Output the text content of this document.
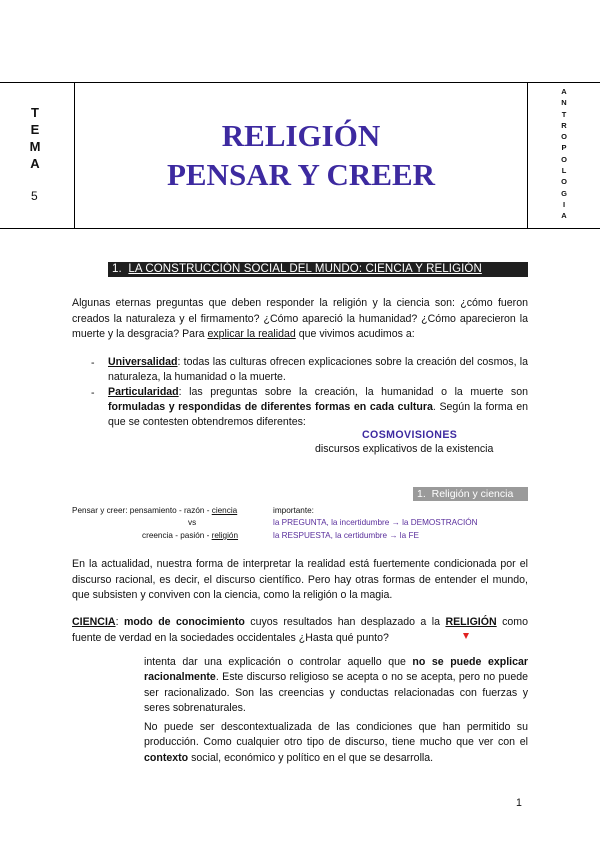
T
E
M
A
5
RELIGIÓN
PENSAR Y CREER
A
N
T
R
O
P
O
L
O
G
I
A
1. LA CONSTRUCCIÓN SOCIAL DEL MUNDO: CIENCIA Y RELIGIÓN
Algunas eternas preguntas que deben responder la religión y la ciencia son: ¿cómo fueron creados la naturaleza y el firmamento? ¿Cómo apareció la humanidad? ¿Cómo aparecieron la muerte y la desgracia? Para explicar la realidad que vivimos acudimos a:
- Universalidad: todas las culturas ofrecen explicaciones sobre la creación del cosmos, la naturaleza, la humanidad o la muerte.
- Particularidad: las preguntas sobre la creación, la humanidad o la muerte son formuladas y respondidas de diferentes formas en cada cultura. Según la forma en que se contesten obtendremos diferentes:
COSMOVISIONES
discursos explicativos de la existencia
1. Religión y ciencia
Pensar y creer: pensamiento - razón - ciencia	importante:
vs	la PREGUNTA, la incertidumbre → la DEMOSTRACIÓN
creencia - pasión - religión	la RESPUESTA, la certidumbre → la FE
En la actualidad, nuestra forma de interpretar la realidad está fuertemente condicionada por el discurso racional, es decir, el discurso científico. Pero hay otras formas de entender el mundo, que subsisten y conviven con la ciencia, como la religión o la magia.
CIENCIA: modo de conocimiento cuyos resultados han desplazado a la RELIGIÓN como fuente de verdad en la sociedades occidentales ¿Hasta qué punto?
intenta dar una explicación o controlar aquello que no se puede explicar racionalmente. Este discurso religioso se acepta o no se acepta, pero no puede ser racionalizado. Son las creencias y conductas relacionadas con fuerzas y seres sobrenaturales.
No puede ser descontextualizada de las condiciones que han permitido su producción. Como cualquier otro tipo de discurso, tiene mucho que ver con el contexto social, económico y político en el que se desarrolla.
1
